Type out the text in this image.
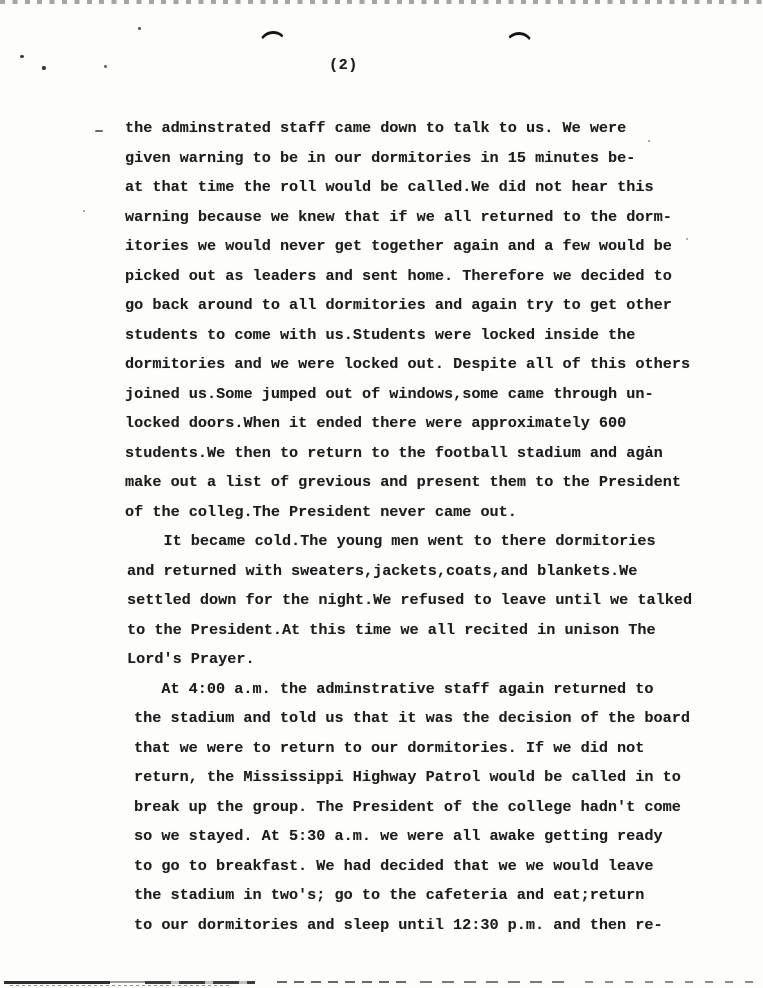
(2)
the adminstrated staff came down to talk to us. We were
given warning to be in our dormitories in 15 minutes be-
at that time the roll would be called.We did not hear this
warning because we knew that if we all returned to the dorm-
itories we would never get together again and a few would be
picked out as leaders and sent home. Therefore we decided to
go back around to all dormitories and again try to get other
students to come with us.Students were locked inside the
dormitories and we were locked out. Despite all of this others
joined us.Some jumped out of windows,some came through un-
locked doors.When it ended there were approximately 600
students.We then to return to the football stadium and agȧn
make out a list of grevious and present them to the President
of the colleg.The President never came out.
It became cold.The young men went to there dormitories
and returned with sweaters,jackets,coats,and blankets.We
settled down for the night.We refused to leave until we talked
to the President.At this time we all recited in unison The
Lord's Prayer.
At 4:00 a.m. the adminstrative staff again returned to
the stadium and told us that it was the decision of the board
that we were to return to our dormitories. If we did not
return, the Mississippi Highway Patrol would be called in to
break up the group. The President of the college hadn't come
so we stayed. At 5:30 a.m. we were all awake getting ready
to go to breakfast. We had decided that we we would leave
the stadium in two's; go to the cafeteria and eat;return
to our dormitories and sleep until 12:30 p.m. and then re-
